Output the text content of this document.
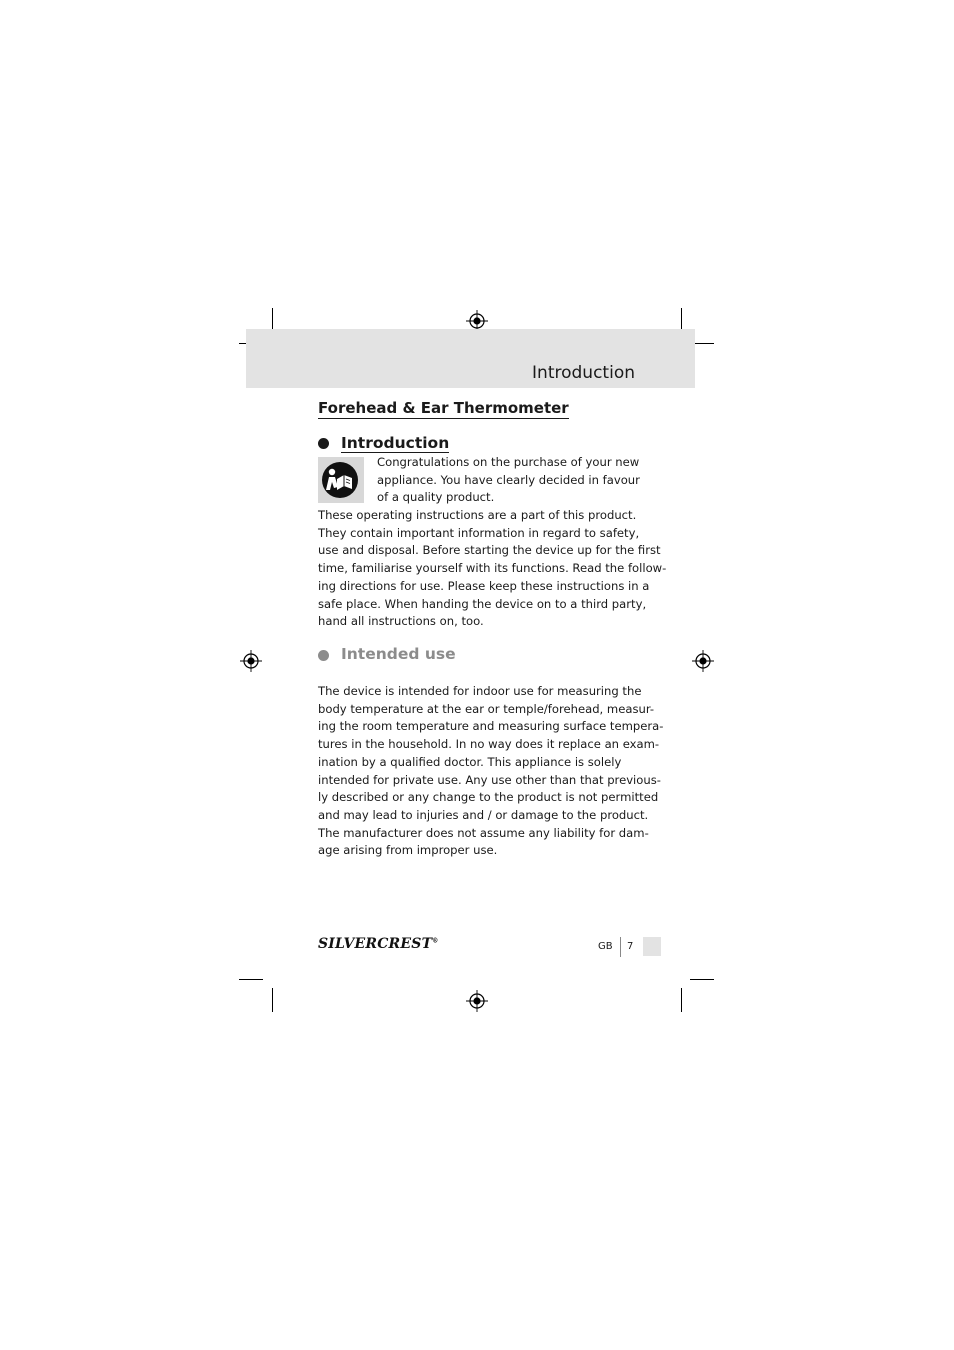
Introduction
Forehead & Ear Thermometer
Introduction
Congratulations on the purchase of your new
appliance. You have clearly decided in favour
of a quality product.
These operating instructions are a part of this product.
They contain important information in regard to safety,
use and disposal. Before starting the device up for the first
time, familiarise yourself with its functions. Read the follow-
ing directions for use. Please keep these instructions in a
safe place. When handing the device on to a third party,
hand all instructions on, too.
Intended use
The device is intended for indoor use for measuring the
body temperature at the ear or temple/forehead, measur-
ing the room temperature and measuring surface tempera-
tures in the household. In no way does it replace an exam-
ination by a qualified doctor. This appliance is solely
intended for private use. Any use other than that previous-
ly described or any change to the product is not permitted
and may lead to injuries and / or damage to the product.
The manufacturer does not assume any liability for dam-
age arising from improper use.
SILVERCREST®
GB 7
